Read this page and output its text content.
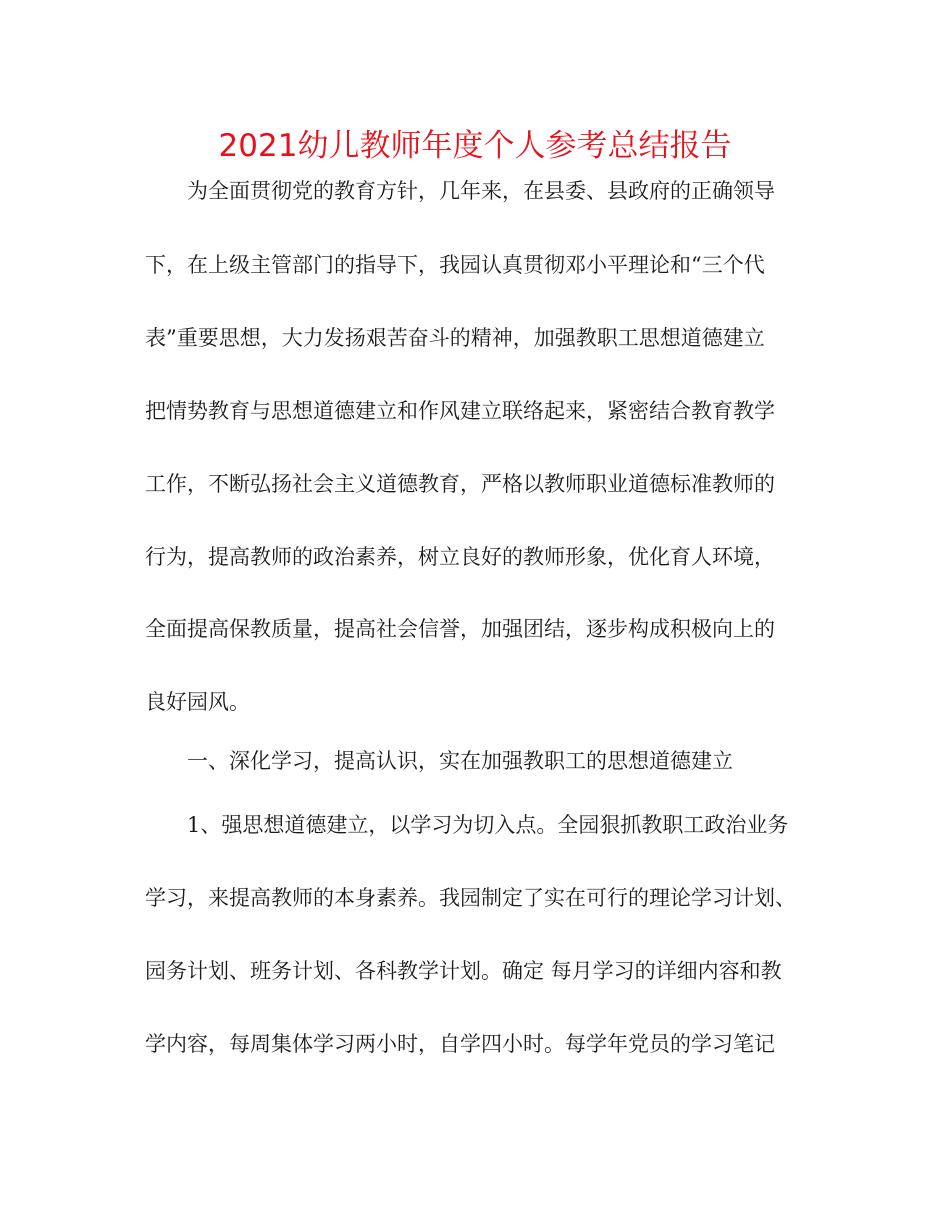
2021幼儿教师年度个人参考总结报告

为全面贯彻党的教育方针，几年来，在县委、县政府的正确领导

下，在上级主管部门的指导下，我园认真贯彻邓小平理论和“三个代

表”重要思想，大力发扬艰苦奋斗的精神，加强教职工思想道德建立

把情势教育与思想道德建立和作风建立联络起来，紧密结合教育教学

工作，不断弘扬社会主义道德教育，严格以教师职业道德标准教师的

行为，提高教师的政治素养，树立良好的教师形象，优化育人环境，

全面提高保教质量，提高社会信誉，加强团结，逐步构成积极向上的

良好园风。

一、深化学习，提高认识，实在加强教职工的思想道德建立

1、强思想道德建立，以学习为切入点。全园狠抓教职工政治业务

学习，来提高教师的本身素养。我园制定了实在可行的理论学习计划、

园务计划、班务计划、各科教学计划。确定 每月学习的详细内容和教

学内容，每周集体学习两小时，自学四小时。每学年党员的学习笔记
